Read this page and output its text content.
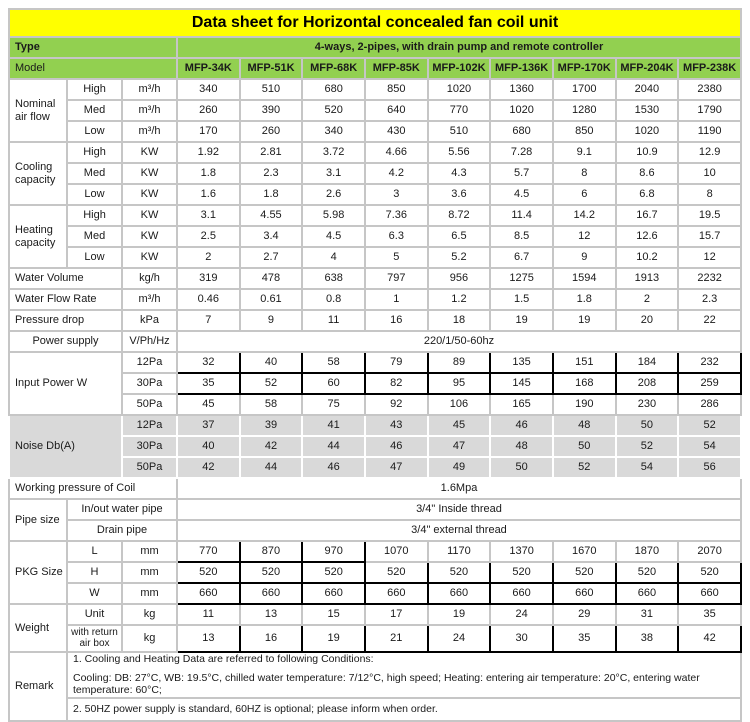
Data sheet for Horizontal concealed fan coil unit											
Type			4-ways, 2-pipes, with drain pump and remote controller								
Model			MFP-34K	MFP-51K	MFP-68K	MFP-85K	MFP-102K	MFP-136K	MFP-170K	MFP-204K	MFP-238K
Nominal air flow	High	m³/h	340	510	680	850	1020	1360	1700	2040	2380
	Med	m³/h	260	390	520	640	770	1020	1280	1530	1790
	Low	m³/h	170	260	340	430	510	680	850	1020	1190
Cooling capacity	High	KW	1.92	2.81	3.72	4.66	5.56	7.28	9.1	10.9	12.9
	Med	KW	1.8	2.3	3.1	4.2	4.3	5.7	8	8.6	10
	Low	KW	1.6	1.8	2.6	3	3.6	4.5	6	6.8	8
Heating capacity	High	KW	3.1	4.55	5.98	7.36	8.72	11.4	14.2	16.7	19.5
	Med	KW	2.5	3.4	4.5	6.3	6.5	8.5	12	12.6	15.7
	Low	KW	2	2.7	4	5	5.2	6.7	9	10.2	12
Water Volume		kg/h	319	478	638	797	956	1275	1594	1913	2232
Water Flow Rate		m³/h	0.46	0.61	0.8	1	1.2	1.5	1.8	2	2.3
Pressure drop		kPa	7	9	11	16	18	19	19	20	22
Power supply		V/Ph/Hz	220/1/50-60hz								
Input Power W		12Pa	32	40	58	79	89	135	151	184	232
		30Pa	35	52	60	82	95	145	168	208	259
		50Pa	45	58	75	92	106	165	190	230	286
Noise Db(A)		12Pa	37	39	41	43	45	46	48	50	52
		30Pa	40	42	44	46	47	48	50	52	54
		50Pa	42	44	46	47	49	50	52	54	56
Working pressure of Coil			1.6Mpa								
Pipe size	In/out water pipe		3/4" Inside thread								
	Drain pipe		3/4" external thread								
PKG Size	L	mm	770	870	970	1070	1170	1370	1670	1870	2070
	H	mm	520	520	520	520	520	520	520	520	520
	W	mm	660	660	660	660	660	660	660	660	660
Weight	Unit	kg	11	13	15	17	19	24	29	31	35
	with return air box	kg	13	16	19	21	24	30	35	38	42
Remark	1. Cooling and Heating Data are referred to following Conditions:
Cooling: DB: 27°C, WB: 19.5°C, chilled water temperature: 7/12°C, high speed; Heating: entering air temperature: 20°C, entering water temperature: 60°C;										

	2. 50HZ power supply is standard, 60HZ is optional; please inform when order.										
